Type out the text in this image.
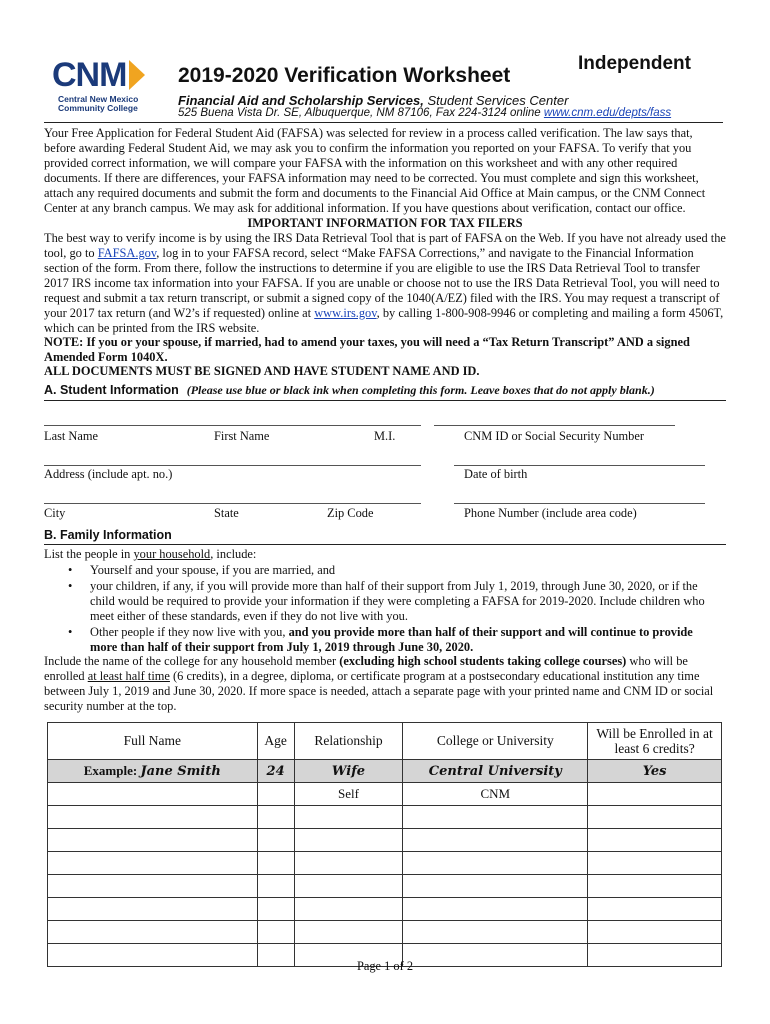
CNM
Central New Mexico
Community College
2019-2020 Verification Worksheet
Independent
Financial Aid and Scholarship Services, Student Services Center
525 Buena Vista Dr. SE, Albuquerque, NM 87106, Fax 224-3124 online www.cnm.edu/depts/fass
Your Free Application for Federal Student Aid (FAFSA) was selected for review in a process called verification. The law says that, before awarding Federal Student Aid, we may ask you to confirm the information you reported on your FAFSA. To verify that you provided correct information, we will compare your FAFSA with the information on this worksheet and with any other required documents. If there are differences, your FAFSA information may need to be corrected. You must complete and sign this worksheet, attach any required documents and submit the form and documents to the Financial Aid Office at Main campus, or the CNM Connect Center at any branch campus. We may ask for additional information. If you have questions about verification, contact our office.
IMPORTANT INFORMATION FOR TAX FILERS
The best way to verify income is by using the IRS Data Retrieval Tool that is part of FAFSA on the Web. If you have not already used the tool, go to FAFSA.gov, log in to your FAFSA record, select “Make FAFSA Corrections,” and navigate to the Financial Information section of the form. From there, follow the instructions to determine if you are eligible to use the IRS Data Retrieval Tool to transfer 2017 IRS income tax information into your FAFSA. If you are unable or choose not to use the IRS Data Retrieval Tool, you will need to request and submit a tax return transcript, or submit a signed copy of the 1040(A/EZ) filed with the IRS. You may request a transcript of your 2017 tax return (and W2’s if requested) online at www.irs.gov, by calling 1-800-908-9946 or completing and mailing a form 4506T, which can be printed from the IRS website.
NOTE: If you or your spouse, if married, had to amend your taxes, you will need a “Tax Return Transcript” AND a signed Amended Form 1040X.
ALL DOCUMENTS MUST BE SIGNED AND HAVE STUDENT NAME AND ID.
A. Student Information (Please use blue or black ink when completing this form. Leave boxes that do not apply blank.)
Last Name	First Name	M.I.	CNM ID or Social Security Number
Address (include apt. no.)	Date of birth
City	State	Zip Code	Phone Number (include area code)
B. Family Information
List the people in your household, include:
• Yourself and your spouse, if you are married, and
• your children, if any, if you will provide more than half of their support from July 1, 2019, through June 30, 2020, or if the child would be required to provide your information if they were completing a FAFSA for 2019-2020. Include children who meet either of these standards, even if they do not live with you.
• Other people if they now live with you, and you provide more than half of their support and will continue to provide more than half of their support from July 1, 2019 through June 30, 2020.
Include the name of the college for any household member (excluding high school students taking college courses) who will be enrolled at least half time (6 credits), in a degree, diploma, or certificate program at a postsecondary educational institution any time between July 1, 2019 and June 30, 2020. If more space is needed, attach a separate page with your printed name and CNM ID or social security number at the top.
Full Name	Age	Relationship	College or University	Will be Enrolled in at least 6 credits?
Example: Jane Smith	24	Wife	Central University	Yes
		Self	CNM	

Page 1 of 2
